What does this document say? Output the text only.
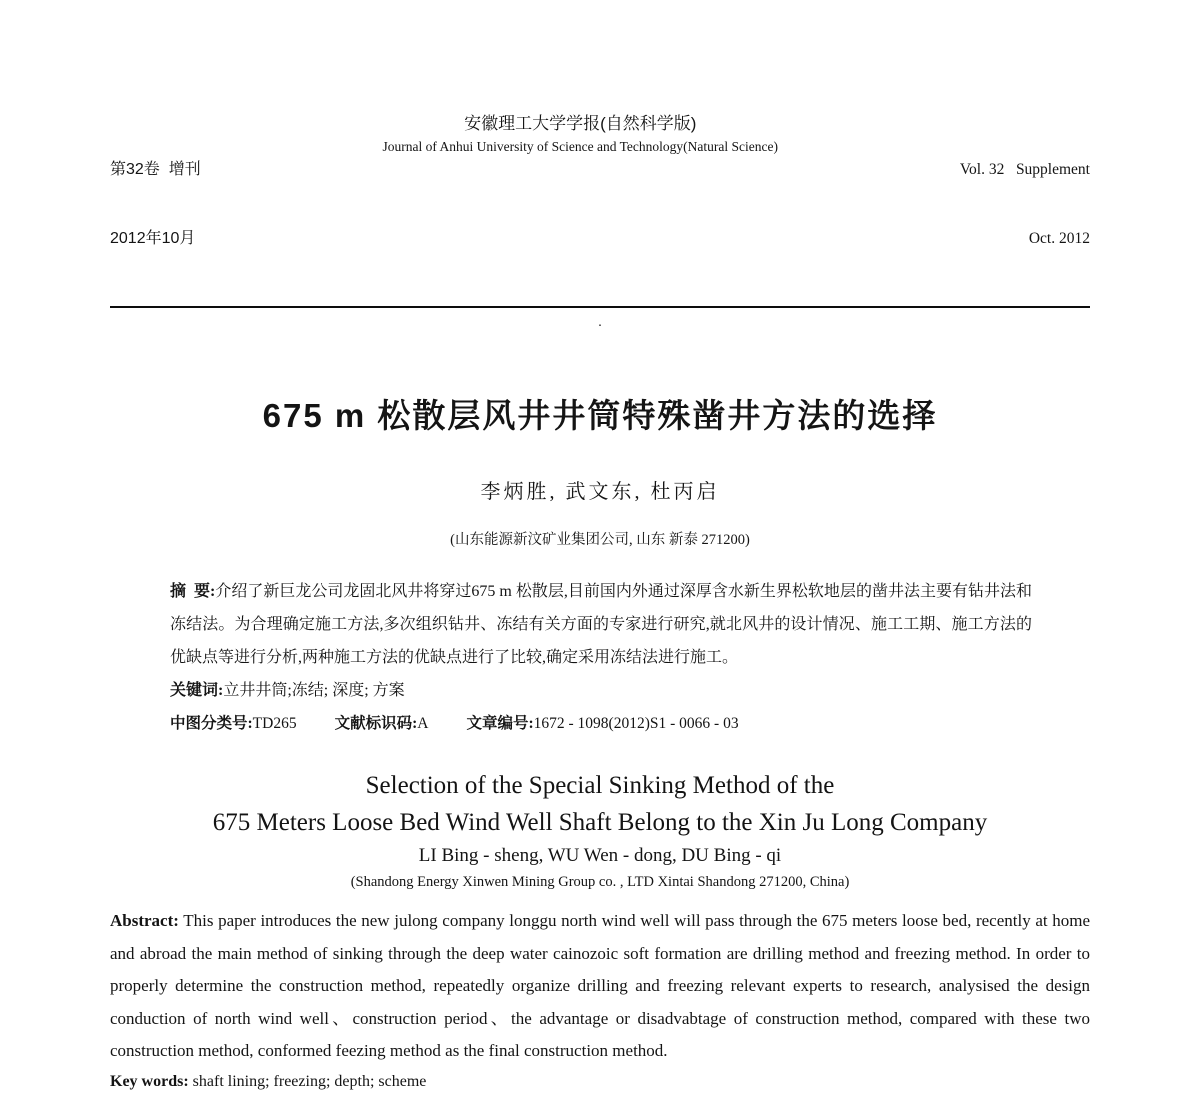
第32卷  增刊

2012年10月

安徽理工大学学报(自然科学版)
Journal of Anhui University of Science and Technology(Natural Science)

Vol. 32   Supplement

Oct. 2012

.
675 m 松散层风井井筒特殊凿井方法的选择
李炳胜, 武文东, 杜丙启
(山东能源新汶矿业集团公司, 山东 新泰 271200)

摘  要:介绍了新巨龙公司龙固北风井将穿过675 m 松散层,目前国内外通过深厚含水新生界松软地层的凿井法主要有钻井法和冻结法。为合理确定施工方法,多次组织钻井、冻结有关方面的专家进行研究,就北风井的设计情况、施工工期、施工方法的优缺点等进行分析,两种施工方法的优缺点进行了比较,确定采用冻结法进行施工。

关键词:立井井筒;冻结; 深度; 方案

中图分类号:TD265 文献标识码:A 文章编号:1672 - 1098(2012)S1 - 0066 - 03
Selection of the Special Sinking Method of the
675 Meters Loose Bed Wind Well Shaft Belong to the Xin Ju Long Company
LI Bing - sheng, WU Wen - dong, DU Bing - qi
(Shandong Energy Xinwen Mining Group co. , LTD Xintai Shandong 271200, China)

Abstract: This paper introduces the new julong company longgu north wind well will pass through the 675 meters loose bed, recently at home and abroad the main method of sinking through the deep water cainozoic soft formation are drilling method and freezing method. In order to properly determine the construction method, repeatedly organize drilling and freezing relevant experts to research, analysised the design conduction of north wind well、construction period、the advantage or disadvabtage of construction method, compared with these two construction method, conformed feezing method as the final construction method.

Key words: shaft lining; freezing; depth; scheme
